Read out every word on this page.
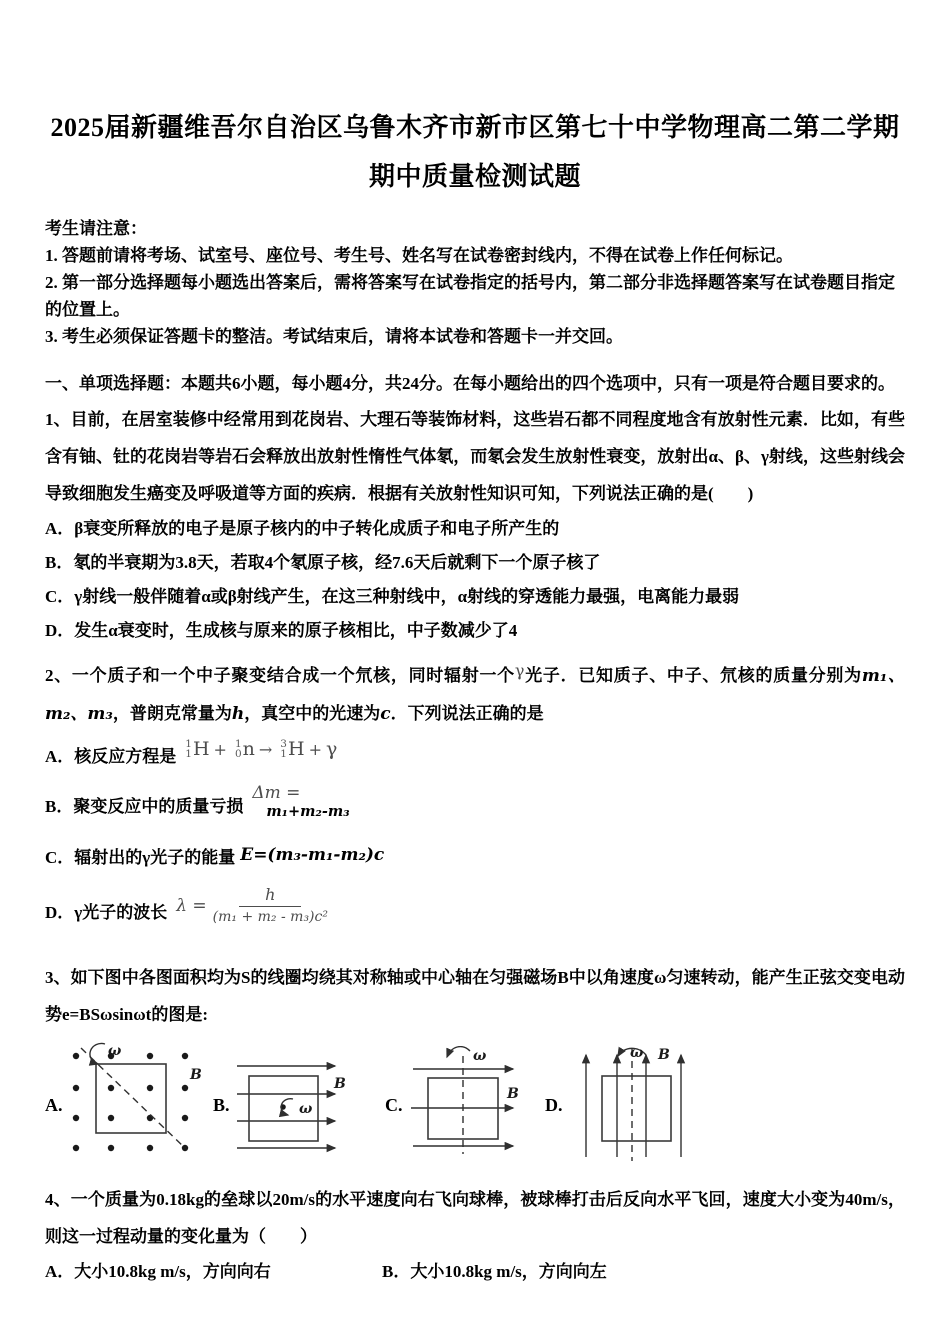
2025届新疆维吾尔自治区乌鲁木齐市新市区第七十中学物理高二第二学期期中质量检测试题

考生请注意：

1. 答题前请将考场、试室号、座位号、考生号、姓名写在试卷密封线内，不得在试卷上作任何标记。

2. 第一部分选择题每小题选出答案后，需将答案写在试卷指定的括号内，第二部分非选择题答案写在试卷题目指定的位置上。

3. 考生必须保证答题卡的整洁。考试结束后，请将本试卷和答题卡一并交回。

一、单项选择题：本题共6小题，每小题4分，共24分。在每小题给出的四个选项中，只有一项是符合题目要求的。

1、目前，在居室装修中经常用到花岗岩、大理石等装饰材料，这些岩石都不同程度地含有放射性元素．比如，有些含有铀、钍的花岗岩等岩石会释放出放射性惰性气体氡，而氡会发生放射性衰变，放射出α、β、γ射线，这些射线会导致细胞发生癌变及呼吸道等方面的疾病．根据有关放射性知识可知，下列说法正确的是(　　)

A．β衰变所释放的电子是原子核内的中子转化成质子和电子所产生的

B．氡的半衰期为3.8天，若取4个氡原子核，经7.6天后就剩下一个原子核了

C．γ射线一般伴随着α或β射线产生，在这三种射线中，α射线的穿透能力最强，电离能力最弱

D．发生α衰变时，生成核与原来的原子核相比，中子数减少了4

2、一个质子和一个中子聚变结合成一个氘核，同时辐射一个γ光子．已知质子、中子、氘核的质量分别为m₁、m₂、m₃，普朗克常量为h，真空中的光速为c．下列说法正确的是

A．核反应方程是
1
1 H + 1
0 n → 3
1 H + γ

B．聚变反应中的质量亏损
Δm =
m₁+m₂-m₃

C．辐射出的γ光子的能量 E=(m₃-m₁-m₂)c

D．γ光子的波长 $\lambda = \frac{h}{\text{(m₁ + m₂ - m₃)c²}}$

3、如下图中各图面积均为S的线圈均绕其对称轴或中心轴在匀强磁场B中以角速度ω匀速转动，能产生正弦交变电动势e=BSωsinωt的图是:

A.
ω
B
B.	ω
B
C.
ω
B
D.
ω B

4、一个质量为0.18kg的垒球以20m/s的水平速度向右飞向球棒，被球棒打击后反向水平飞回，速度大小变为40m/s，则这一过程动量的变化量为（　　）

A．大小10.8kg m/s，方向向右	B．大小10.8kg m/s，方向向左
